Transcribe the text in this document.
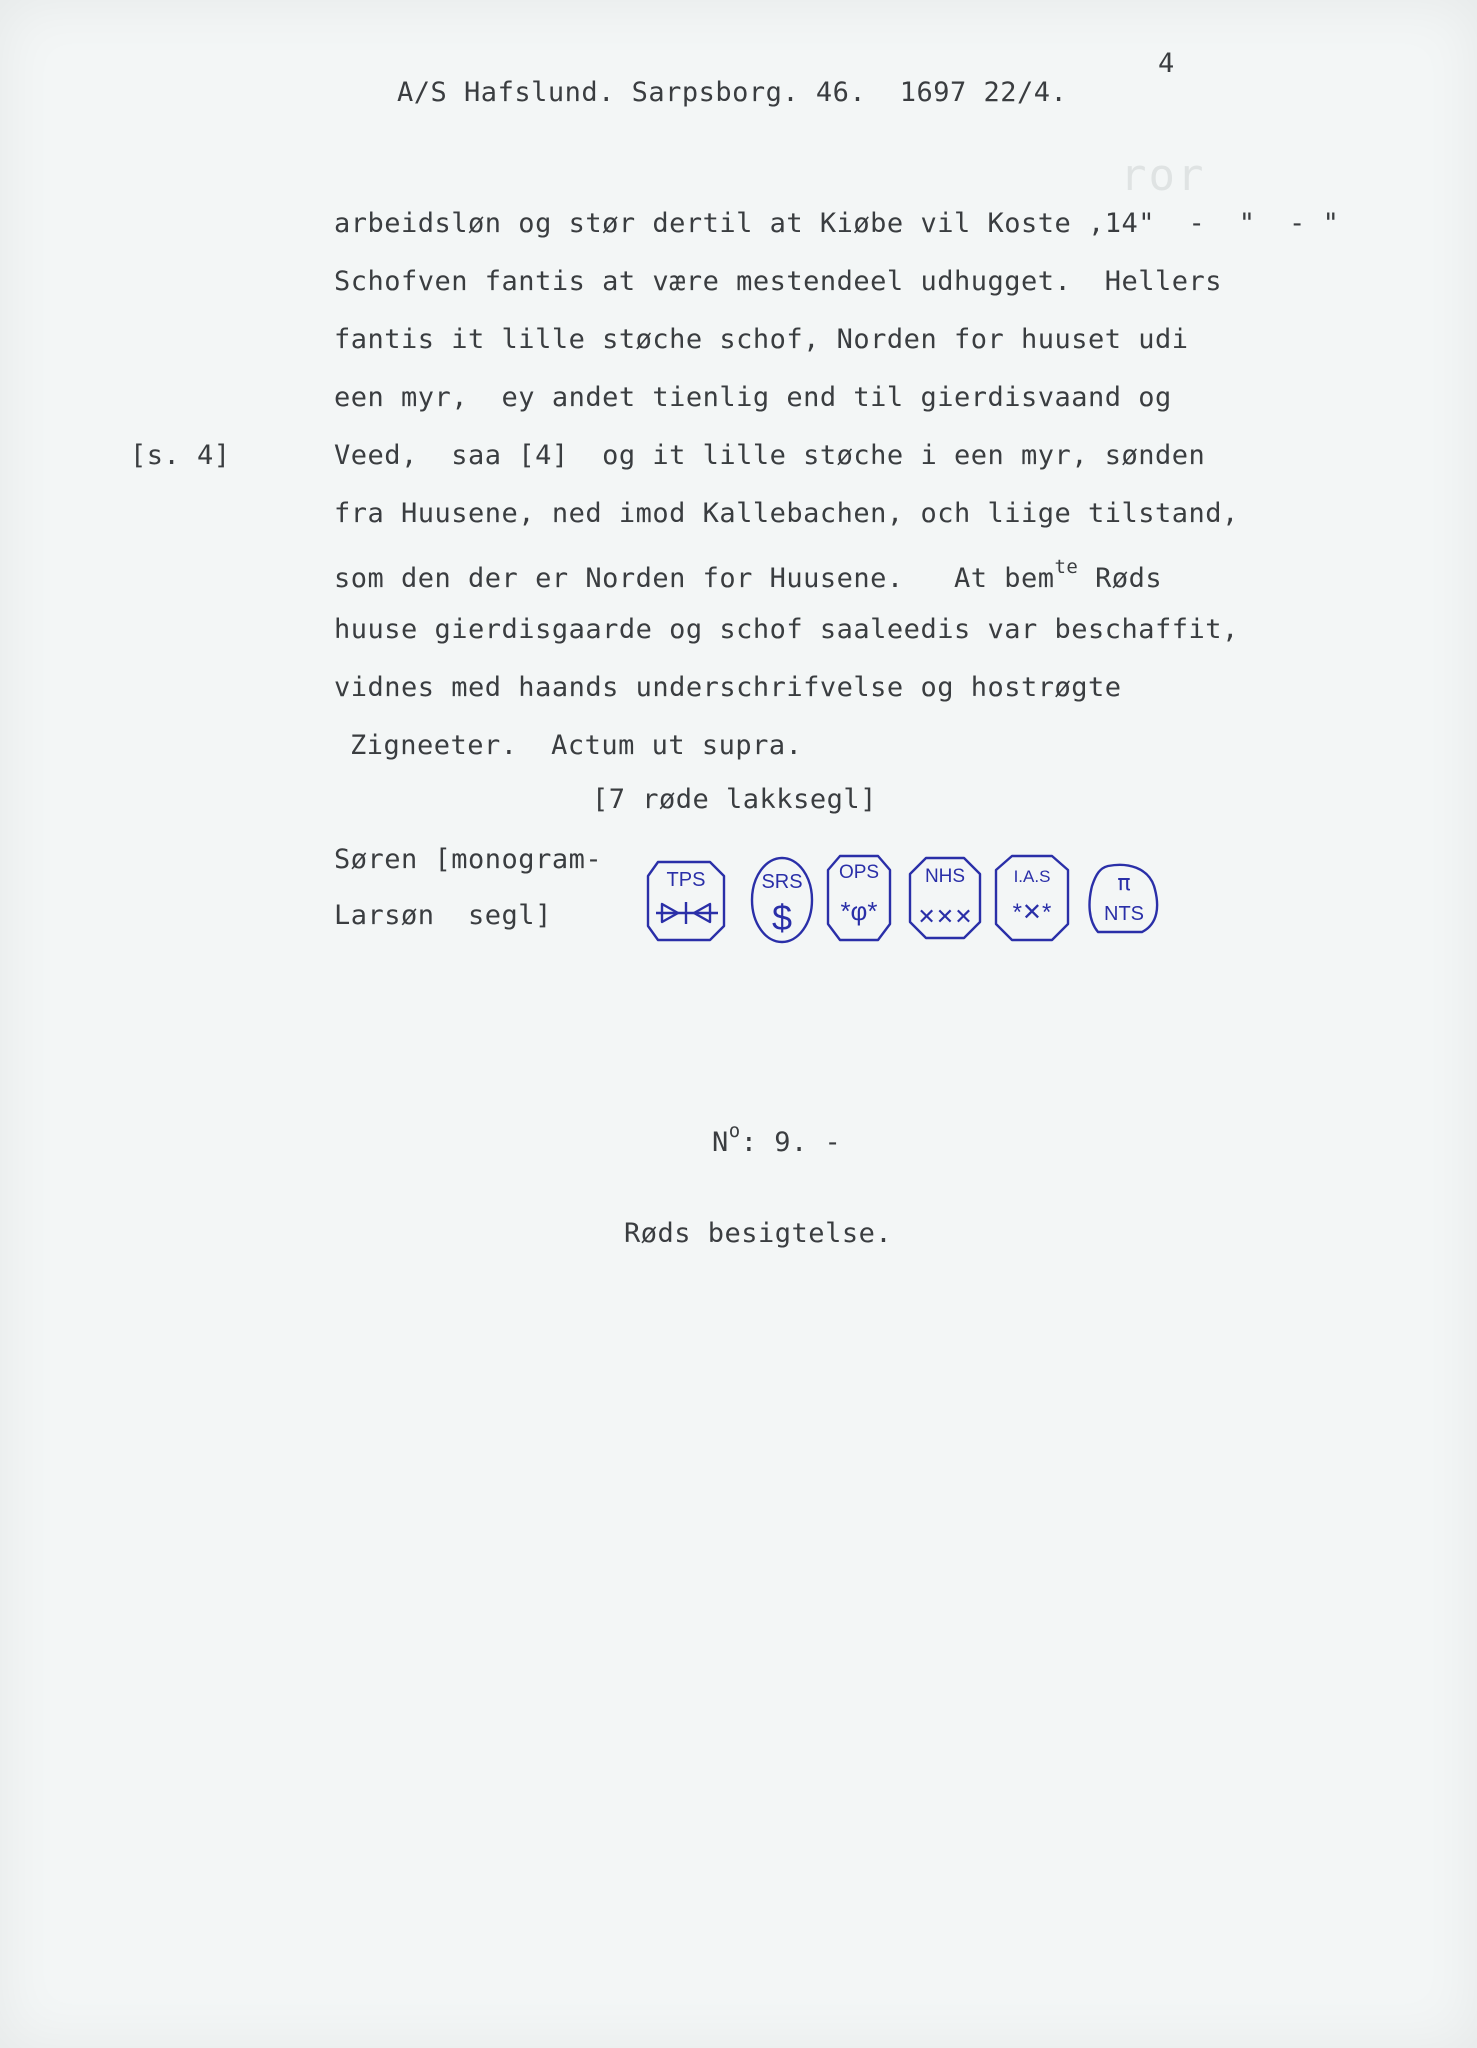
ror

A/S Hafslund. Sarpsborg. 46.  1697 22/4.

4
arbeidsløn og stør dertil at Kiøbe vil Koste ,14"  -  "  - "
Schofven fantis at være mestendeel udhugget.  Hellers
fantis it lille støche schof, Norden for huuset udi
een myr,  ey andet tienlig end til gierdisvaand og
[s. 4]	Veed,  saa [4]  og it lille støche i een myr, sønden
fra Huusene, ned imod Kallebachen, och liige tilstand,
som den der er Norden for Huusene.   At bem$^{te}$ Røds
huuse gierdisgaarde og schof saaleedis var beschaffit,
vidnes med haands underschrifvelse og hostrøgte
Zigneeter.  Actum ut supra.
[7 røde lakksegl]
Søren [monogram-
Larsøn  segl]
TPS	SRS
$
OPS
*φ*
NHS
✕✕✕
I.A.S
*✕*
π
NTS
$N^o$: 9. -
Røds besigtelse.
